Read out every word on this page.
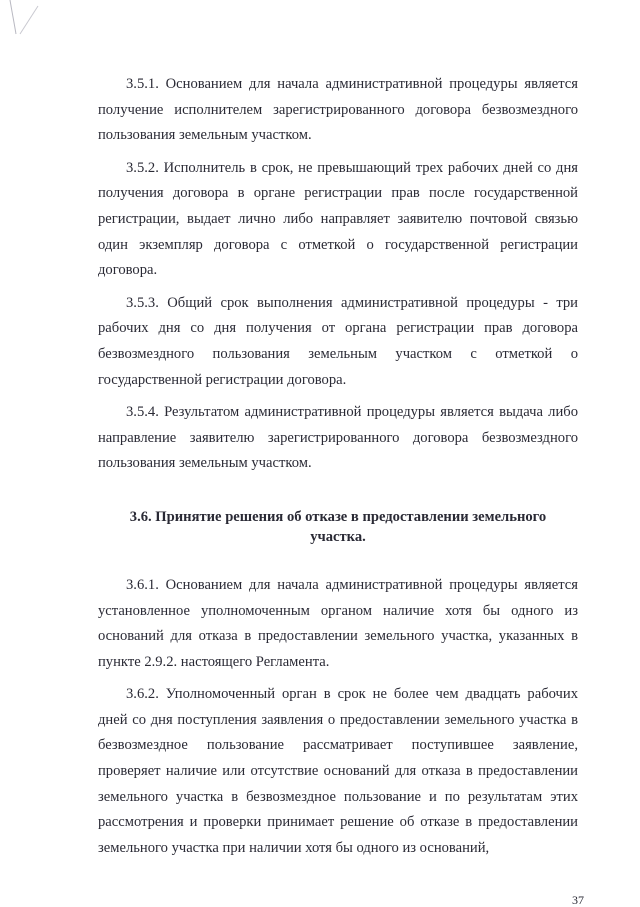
3.5.1. Основанием для начала административной процедуры является получение исполнителем зарегистрированного договора безвозмездного пользования земельным участком.

3.5.2. Исполнитель в срок, не превышающий трех рабочих дней со дня получения договора в органе регистрации прав после государственной регистрации, выдает лично либо направляет заявителю почтовой связью один экземпляр договора с отметкой о государственной регистрации договора.

3.5.3. Общий срок выполнения административной процедуры - три рабочих дня со дня получения от органа регистрации прав договора безвозмездного пользования земельным участком с отметкой о государственной регистрации договора.

3.5.4. Результатом административной процедуры является выдача либо направление заявителю зарегистрированного договора безвозмездного пользования земельным участком.

3.6. Принятие решения об отказе в предоставлении земельного участка.

3.6.1. Основанием для начала административной процедуры является установленное уполномоченным органом наличие хотя бы одного из оснований для отказа в предоставлении земельного участка, указанных в пункте 2.9.2. настоящего Регламента.

3.6.2. Уполномоченный орган в срок не более чем двадцать рабочих дней со дня поступления заявления о предоставлении земельного участка в безвозмездное пользование рассматривает поступившее заявление, проверяет наличие или отсутствие оснований для отказа в предоставлении земельного участка в безвозмездное пользование и по результатам этих рассмотрения и проверки принимает решение об отказе в предоставлении земельного участка при наличии хотя бы одного из оснований,

37
